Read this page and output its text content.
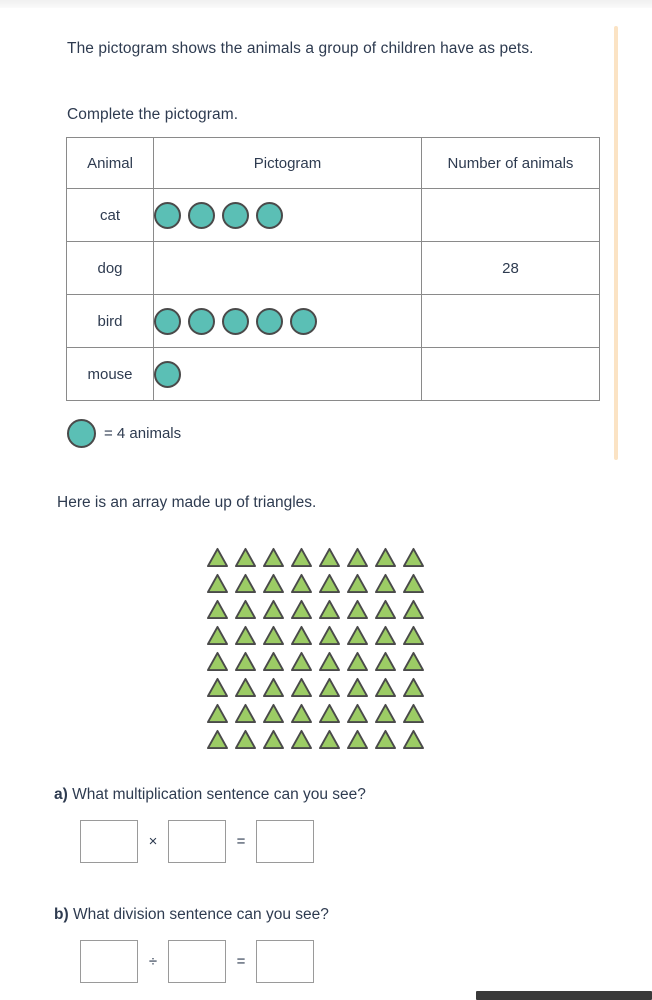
The pictogram shows the animals a group of children have as pets.
Complete the pictogram.
Animal	Pictogram	Number of animals
cat	

dog		28
bird	

mouse	

= 4 animals
Here is an array made up of triangles.
a) What multiplication sentence can you see?
×	=
b) What division sentence can you see?
÷	=
